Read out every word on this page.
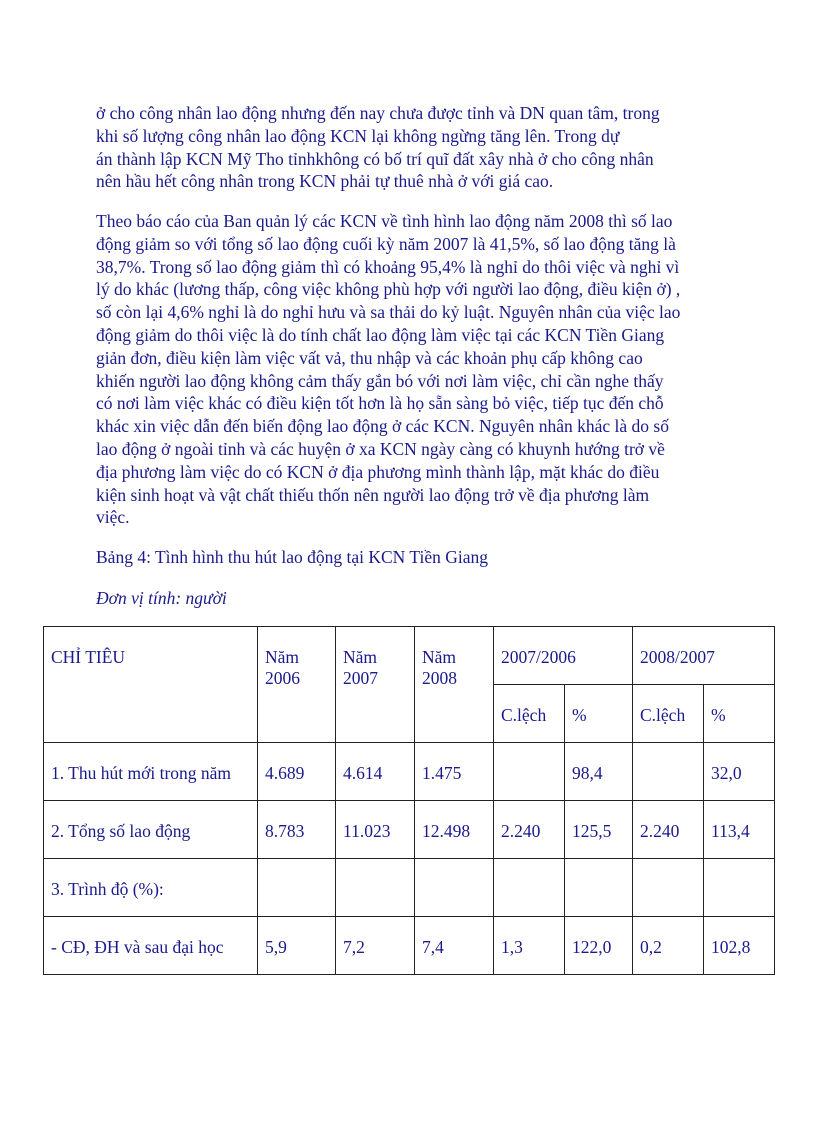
ở cho công nhân lao động nhưng đến nay chưa được tỉnh và DN quan tâm, trong
khi số lượng công nhân lao động KCN lại không ngừng tăng lên. Trong dự
án thành lập KCN Mỹ Tho tỉnhkhông có bố trí quĩ đất xây nhà ở cho công nhân
nên hầu hết công nhân trong KCN phải tự thuê nhà ở với giá cao.
Theo báo cáo của Ban quản lý các KCN về tình hình lao động năm 2008 thì số lao
động giảm so với tổng số lao động cuối kỳ năm 2007 là 41,5%, số lao động tăng là
38,7%. Trong số lao động giảm thì có khoảng 95,4% là nghỉ do thôi việc và nghỉ vì
lý do khác (lương thấp, công việc không phù hợp với người lao động, điều kiện ở) ,
số còn lại 4,6% nghỉ là do nghỉ hưu và sa thải do kỷ luật. Nguyên nhân của việc lao
động giảm do thôi việc là do tính chất lao động làm việc tại các KCN Tiền Giang
giản đơn, điều kiện làm việc vất vả, thu nhập và các khoản phụ cấp không cao
khiến người lao động không cảm thấy gắn bó với nơi làm việc, chỉ cần nghe thấy
có nơi làm việc khác có điều kiện tốt hơn là họ sẵn sàng bỏ việc, tiếp tục đến chỗ
khác xin việc dẫn đến biến động lao động ở các KCN. Nguyên nhân khác là do số
lao động ở ngoài tỉnh và các huyện ở xa KCN ngày càng có khuynh hướng trở về
địa phương làm việc do có KCN ở địa phương mình thành lập, mặt khác do điều
kiện sinh hoạt và vật chất thiếu thốn nên người lao động trở về địa phương làm
việc.
Bảng 4: Tình hình thu hút lao động tại KCN Tiền Giang
Đơn vị tính: người
CHỈ TIÊU	Năm 2006	Năm 2007	Năm 2008	2007/2006		2008/2007	
				C.lệch	%	C.lệch	%
1. Thu hút mới trong năm	4.689	4.614	1.475		98,4		32,0
2. Tổng số lao động	8.783	11.023	12.498	2.240	125,5	2.240	113,4
3. Trình độ (%):							
- CĐ, ĐH và sau đại học	5,9	7,2	7,4	1,3	122,0	0,2	102,8
